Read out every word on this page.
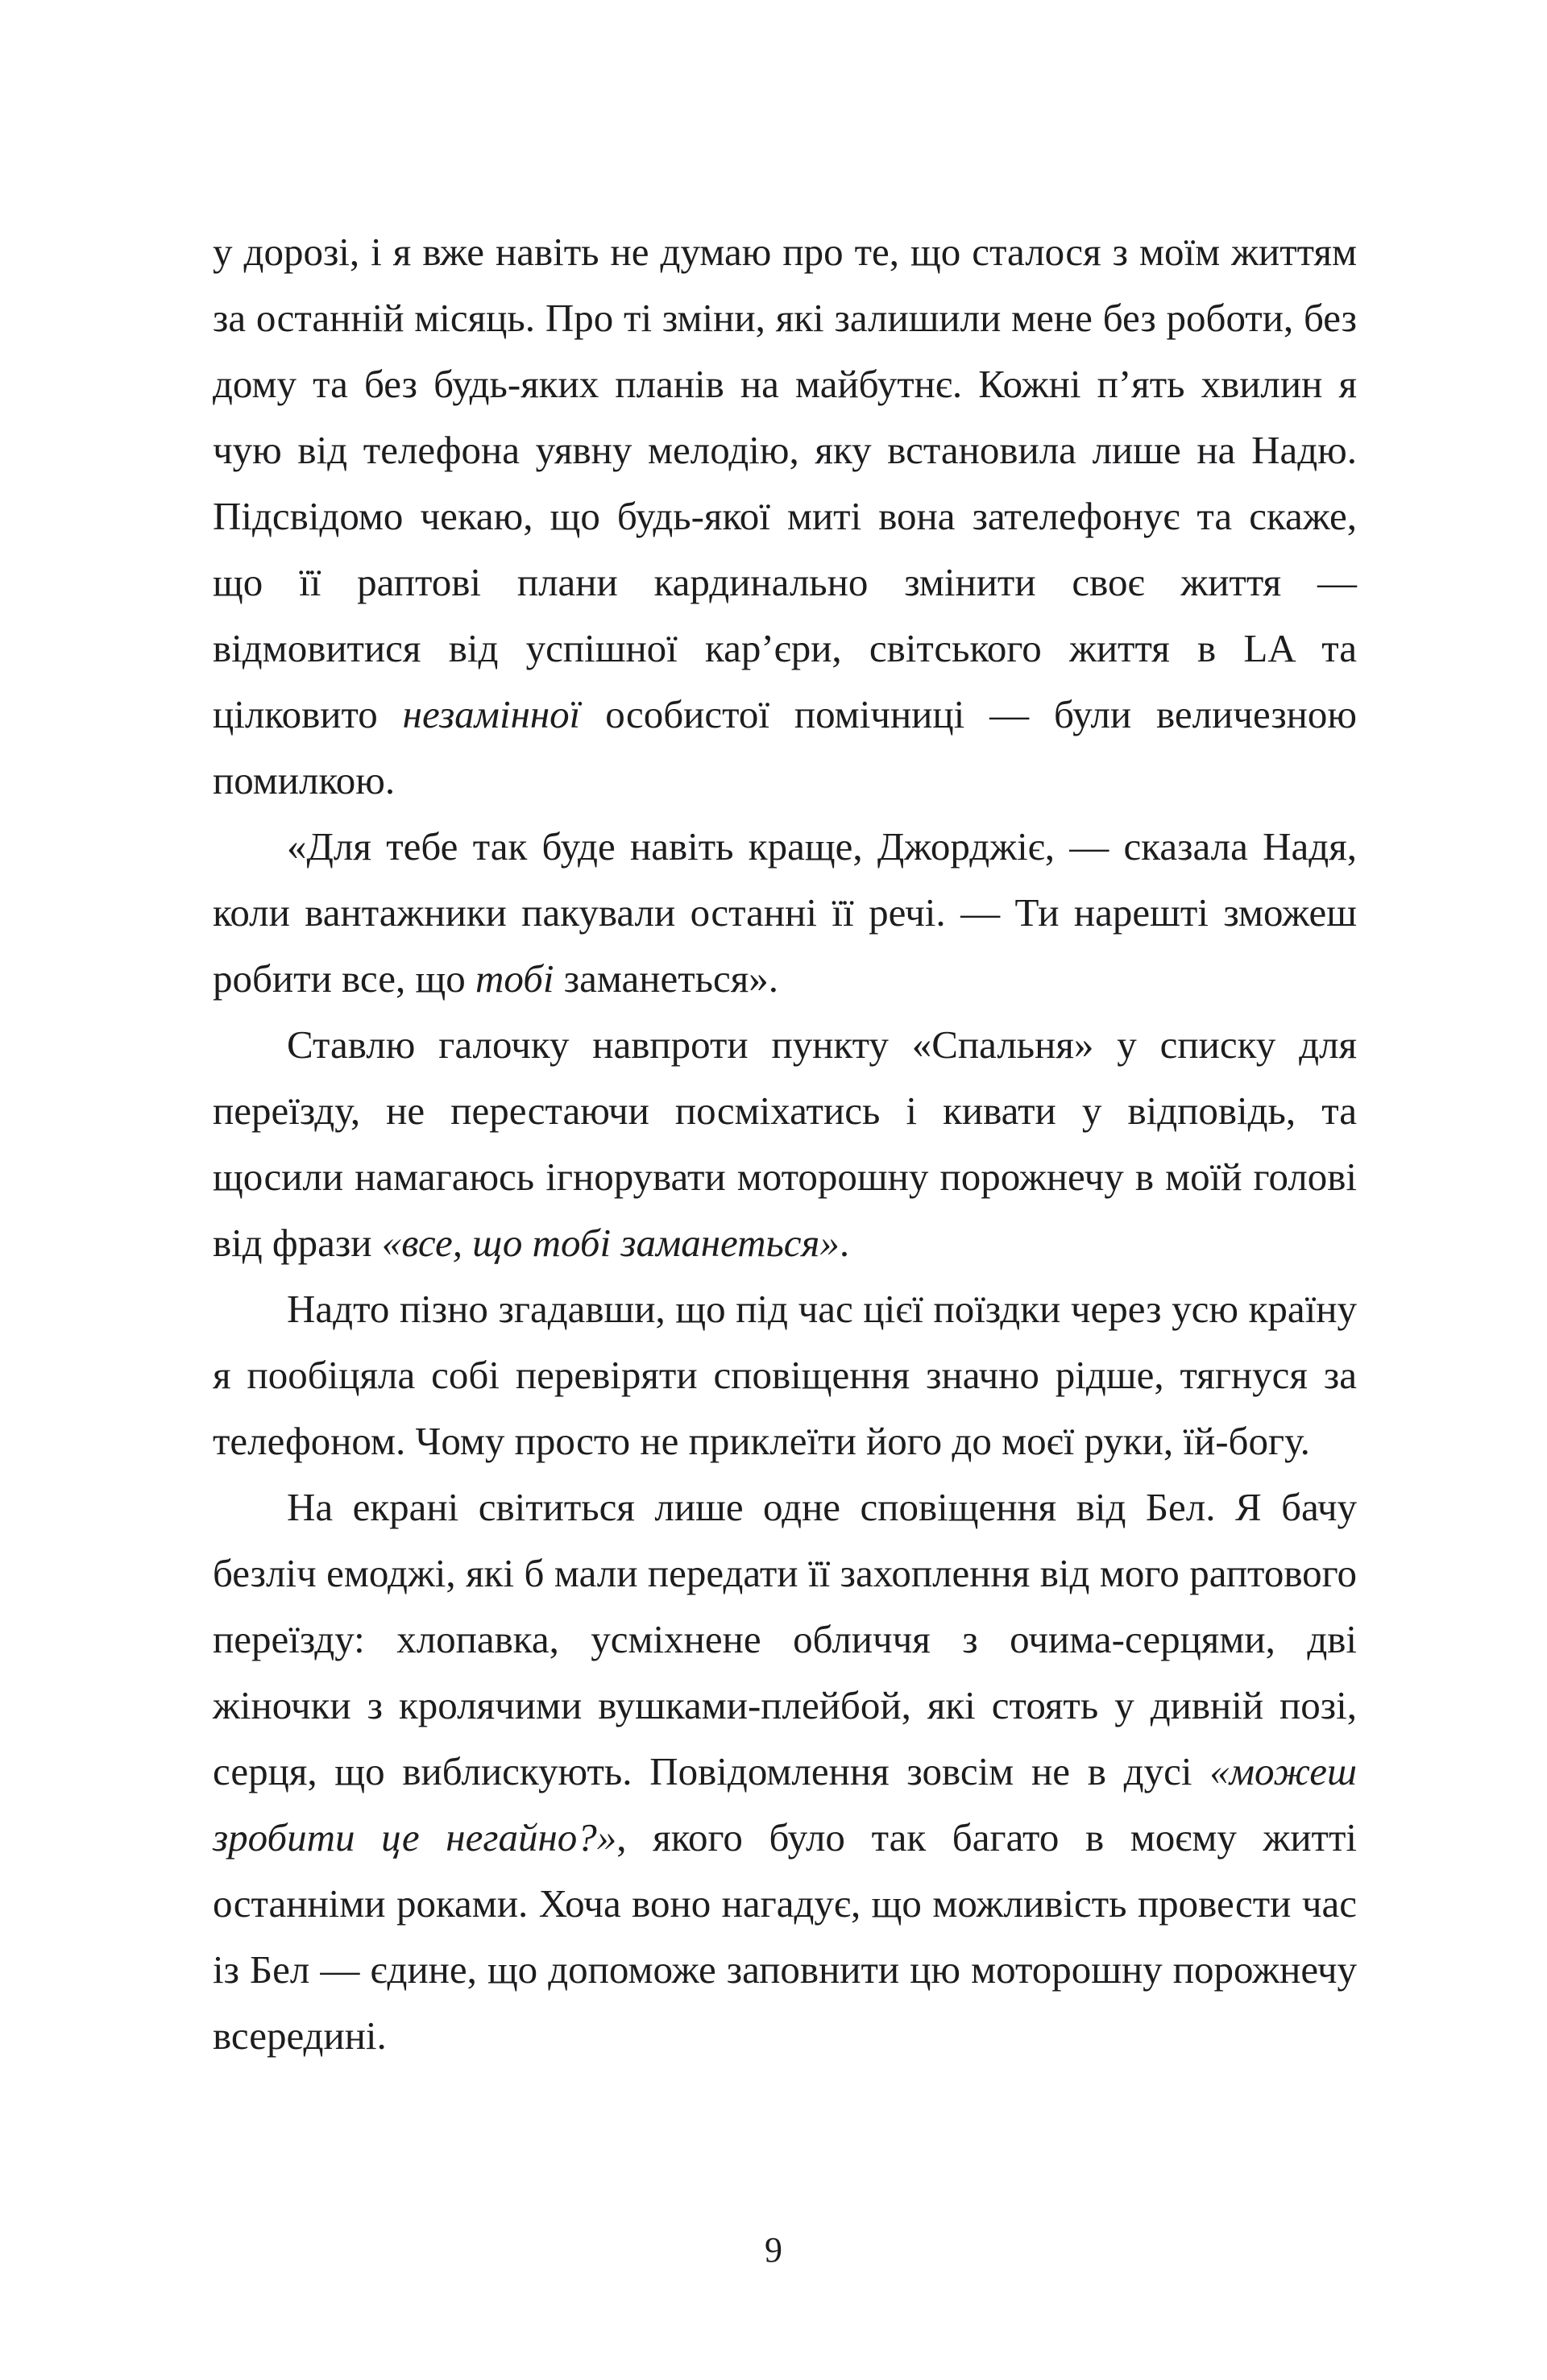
у дорозі, і я вже навіть не думаю про те, що сталося з моїм життям за останній місяць. Про ті зміни, які залишили мене без роботи, без дому та без будь-яких планів на майбутнє. Кожні п’ять хвилин я чую від телефона уявну мелодію, яку встановила лише на Надю. Підсвідомо чекаю, що будь-якої миті вона зателефонує та скаже, що її раптові плани кардинально змінити своє життя — відмовитися від успішної кар’єри, світського життя в LA та цілковито незамінної особистої помічниці — були величезною помилкою.

«Для тебе так буде навіть краще, Джорджіє, — сказала Надя, коли вантажники пакували останні її речі. — Ти нарешті зможеш робити все, що тобі заманеться».

Ставлю галочку навпроти пункту «Спальня» у списку для переїзду, не перестаючи посміхатись і кивати у відповідь, та щосили намагаюсь ігнорувати моторошну порожнечу в моїй голові від фрази «все, що тобі заманеться».

Надто пізно згадавши, що під час цієї поїздки через усю країну я пообіцяла собі перевіряти сповіщення значно рідше, тягнуся за телефоном. Чому просто не приклеїти його до моєї руки, їй-богу.

На екрані світиться лише одне сповіщення від Бел. Я бачу безліч емоджі, які б мали передати її захоплення від мого раптового переїзду: хлопавка, усміхнене обличчя з очима-серцями, дві жіночки з кролячими вушками-плейбой, які стоять у дивній позі, серця, що виблискують. Повідомлення зовсім не в дусі «можеш зробити це негайно?», якого було так багато в моєму житті останніми роками. Хоча воно нагадує, що можливість провести час із Бел — єдине, що допоможе заповнити цю моторошну порожнечу всередині.

9
